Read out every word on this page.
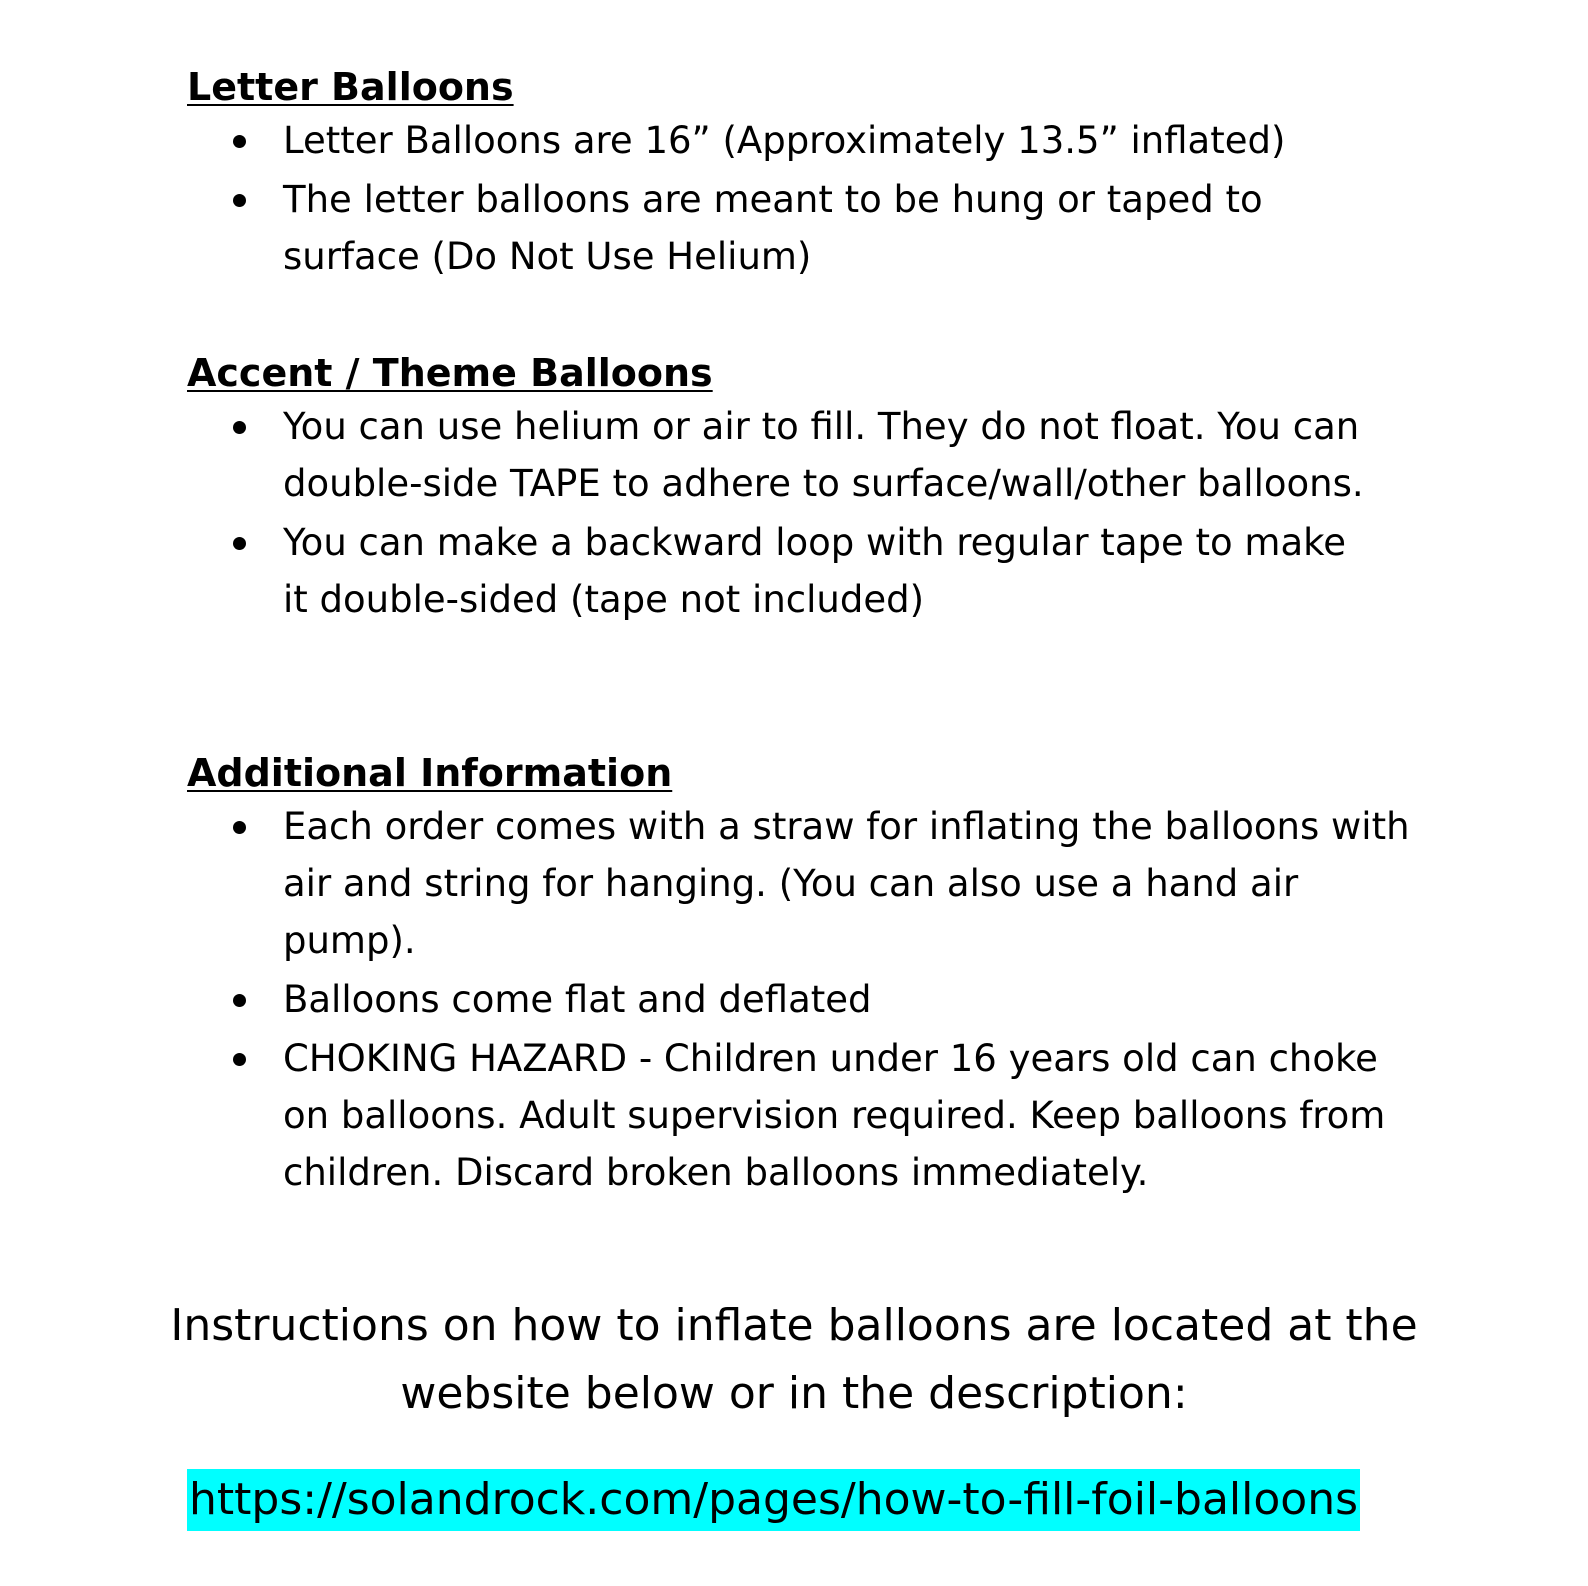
Letter Balloons
Letter Balloons are 16” (Approximately 13.5” inflated)
The letter balloons are meant to be hung or taped to surface (Do Not Use Helium)
Accent / Theme Balloons
You can use helium or air to fill. They do not float. You can double-side TAPE to adhere to surface/wall/other balloons.
You can make a backward loop with regular tape to make it double-sided (tape not included)
Additional Information
Each order comes with a straw for inflating the balloons with air and string for hanging. (You can also use a hand air pump).
Balloons come flat and deflated
CHOKING HAZARD - Children under 16 years old can choke on balloons. Adult supervision required. Keep balloons from children. Discard broken balloons immediately.
Instructions on how to inflate balloons are located at the website below or in the description:
https://solandrock.com/pages/how-to-fill-foil-balloons
